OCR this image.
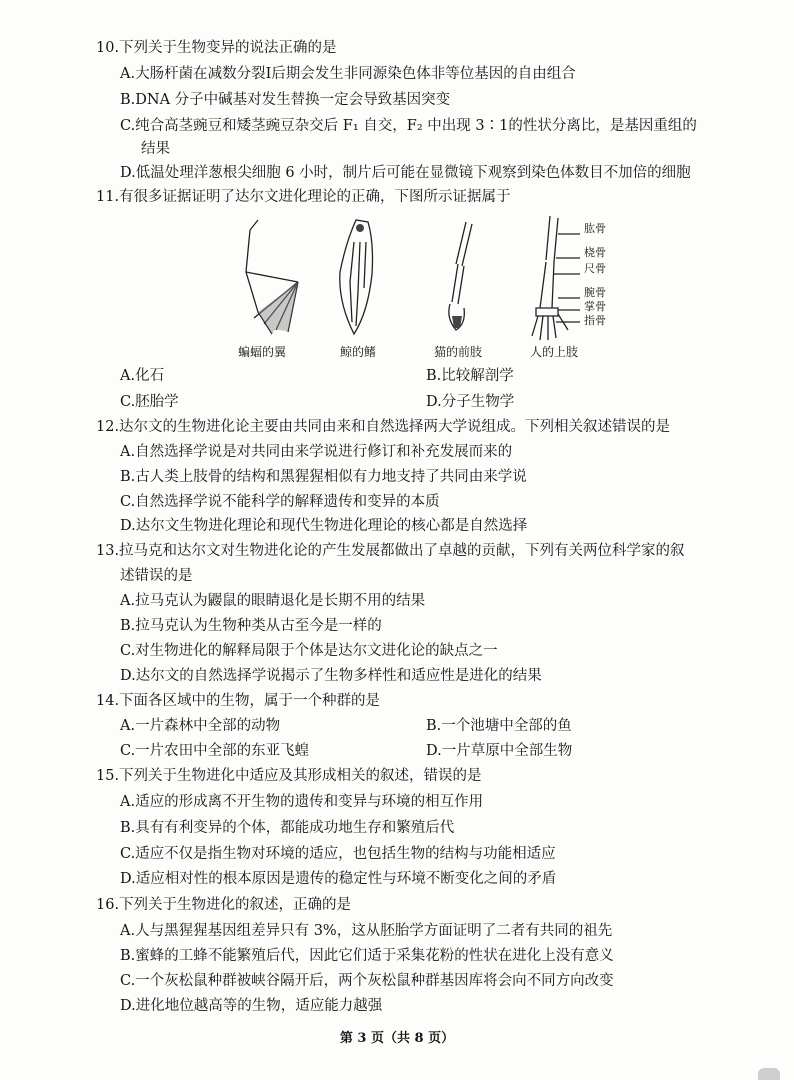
10.下列关于生物变异的说法正确的是
A.大肠杆菌在减数分裂Ⅰ后期会发生非同源染色体非等位基因的自由组合
B.DNA 分子中碱基对发生替换一定会导致基因突变
C.纯合高茎豌豆和矮茎豌豆杂交后 F₁ 自交，F₂ 中出现 3∶1的性状分离比，是基因重组的
结果
D.低温处理洋葱根尖细胞 6 小时，制片后可能在显微镜下观察到染色体数目不加倍的细胞
11.有很多证据证明了达尔文进化理论的正确，下图所示证据属于
肱骨
桡骨
尺骨
腕骨
掌骨
指骨
蝙蝠的翼	鲸的鳍	猫的前肢	人的上肢
A.化石	B.比较解剖学
C.胚胎学	D.分子生物学
12.达尔文的生物进化论主要由共同由来和自然选择两大学说组成。下列相关叙述错误的是
A.自然选择学说是对共同由来学说进行修订和补充发展而来的
B.古人类上肢骨的结构和黑猩猩相似有力地支持了共同由来学说
C.自然选择学说不能科学的解释遗传和变异的本质
D.达尔文生物进化理论和现代生物进化理论的核心都是自然选择
13.拉马克和达尔文对生物进化论的产生发展都做出了卓越的贡献，下列有关两位科学家的叙
述错误的是
A.拉马克认为鼹鼠的眼睛退化是长期不用的结果
B.拉马克认为生物种类从古至今是一样的
C.对生物进化的解释局限于个体是达尔文进化论的缺点之一
D.达尔文的自然选择学说揭示了生物多样性和适应性是进化的结果
14.下面各区域中的生物，属于一个种群的是
A.一片森林中全部的动物	B.一个池塘中全部的鱼
C.一片农田中全部的东亚飞蝗	D.一片草原中全部生物
15.下列关于生物进化中适应及其形成相关的叙述，错误的是
A.适应的形成离不开生物的遗传和变异与环境的相互作用
B.具有有利变异的个体，都能成功地生存和繁殖后代
C.适应不仅是指生物对环境的适应，也包括生物的结构与功能相适应
D.适应相对性的根本原因是遗传的稳定性与环境不断变化之间的矛盾
16.下列关于生物进化的叙述，正确的是
A.人与黑猩猩基因组差异只有 3%，这从胚胎学方面证明了二者有共同的祖先
B.蜜蜂的工蜂不能繁殖后代，因此它们适于采集花粉的性状在进化上没有意义
C.一个灰松鼠种群被峡谷隔开后，两个灰松鼠种群基因库将会向不同方向改变
D.进化地位越高等的生物，适应能力越强
第 3 页（共 8 页）
